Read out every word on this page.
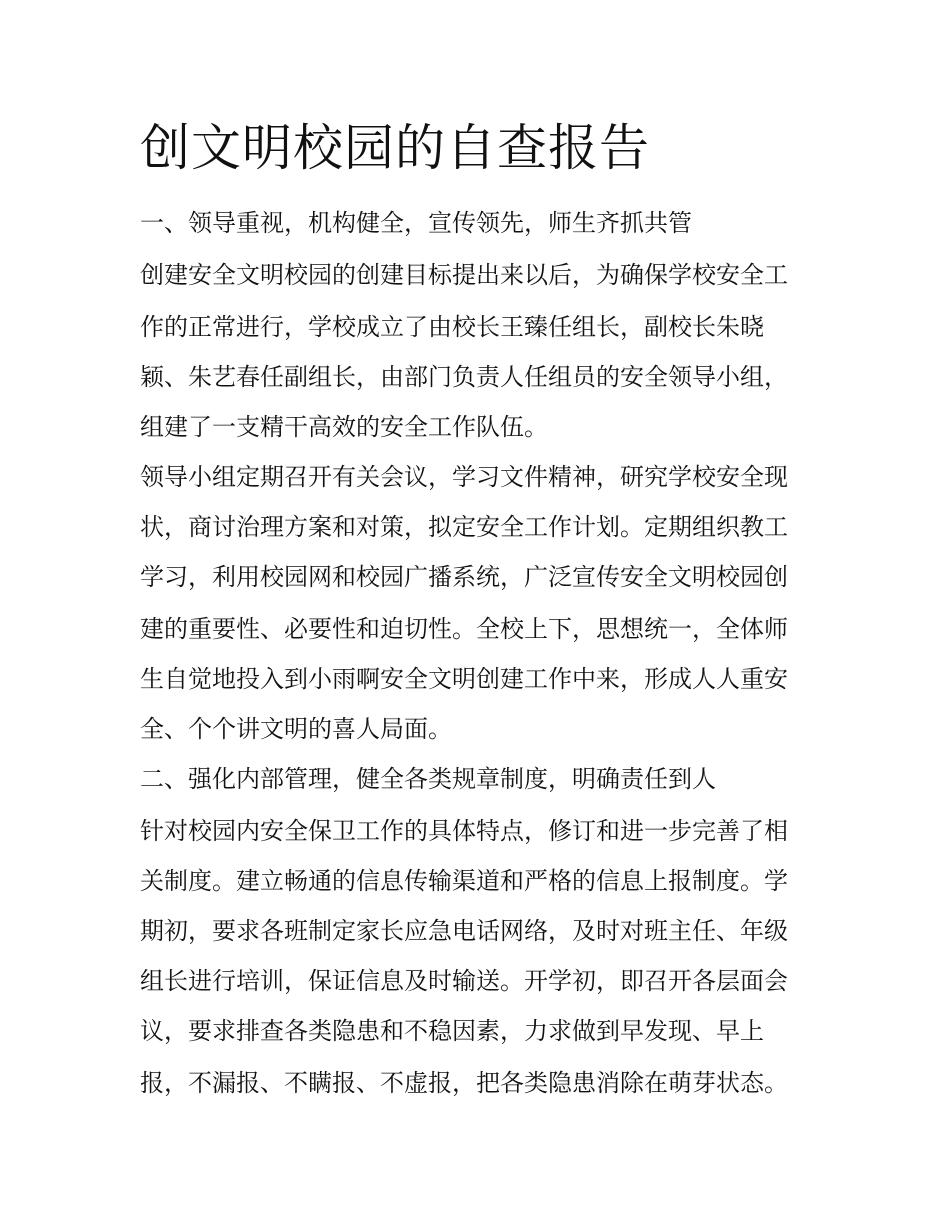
创文明校园的自查报告
一、领导重视，机构健全，宣传领先，师生齐抓共管
创建安全文明校园的创建目标提出来以后，为确保学校安全工
作的正常进行，学校成立了由校长王臻任组长，副校长朱晓
颖、朱艺春任副组长，由部门负责人任组员的安全领导小组，
组建了一支精干高效的安全工作队伍。
领导小组定期召开有关会议，学习文件精神，研究学校安全现
状，商讨治理方案和对策，拟定安全工作计划。定期组织教工
学习，利用校园网和校园广播系统，广泛宣传安全文明校园创
建的重要性、必要性和迫切性。全校上下，思想统一，全体师
生自觉地投入到小雨啊安全文明创建工作中来，形成人人重安
全、个个讲文明的喜人局面。
二、强化内部管理，健全各类规章制度，明确责任到人
针对校园内安全保卫工作的具体特点，修订和进一步完善了相
关制度。建立畅通的信息传输渠道和严格的信息上报制度。学
期初，要求各班制定家长应急电话网络，及时对班主任、年级
组长进行培训，保证信息及时输送。开学初，即召开各层面会
议，要求排查各类隐患和不稳因素，力求做到早发现、早上
报，不漏报、不瞒报、不虚报，把各类隐患消除在萌芽状态。
